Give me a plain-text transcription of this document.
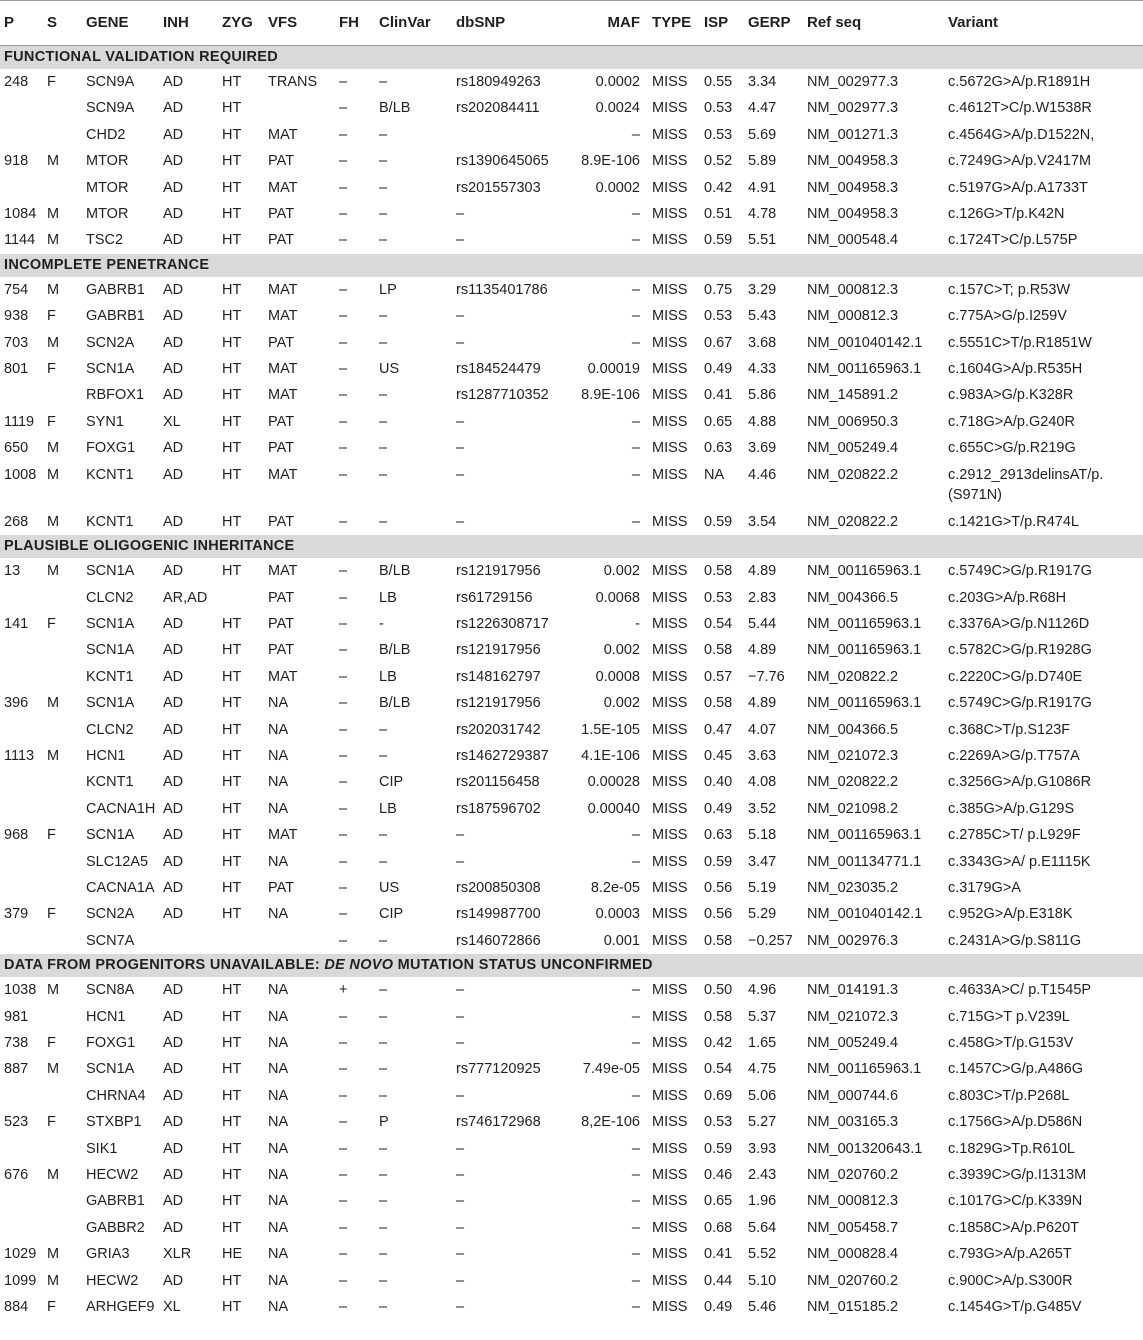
P	S	GENE	INH	ZYG	VFS	FH	ClinVar	dbSNP	MAF	TYPE	ISP	GERP	Ref seq	Variant
FUNCTIONAL VALIDATION REQUIRED														
248	F	SCN9A	AD	HT	TRANS	–	–	rs180949263	0.0002	MISS	0.55	3.34	NM_002977.3	c.5672G>A/p.R1891H
		SCN9A	AD	HT		–	B/LB	rs202084411	0.0024	MISS	0.53	4.47	NM_002977.3	c.4612T>C/p.W1538R
		CHD2	AD	HT	MAT	–	–		–	MISS	0.53	5.69	NM_001271.3	c.4564G>A/p.D1522N,
918	M	MTOR	AD	HT	PAT	–	–	rs1390645065	8.9E-106	MISS	0.52	5.89	NM_004958.3	c.7249G>A/p.V2417M
		MTOR	AD	HT	MAT	–	–	rs201557303	0.0002	MISS	0.42	4.91	NM_004958.3	c.5197G>A/p.A1733T
1084	M	MTOR	AD	HT	PAT	–	–	–	–	MISS	0.51	4.78	NM_004958.3	c.126G>T/p.K42N
1144	M	TSC2	AD	HT	PAT	–	–	–	–	MISS	0.59	5.51	NM_000548.4	c.1724T>C/p.L575P
INCOMPLETE PENETRANCE														
754	M	GABRB1	AD	HT	MAT	–	LP	rs1135401786	–	MISS	0.75	3.29	NM_000812.3	c.157C>T; p.R53W
938	F	GABRB1	AD	HT	MAT	–	–	–	–	MISS	0.53	5.43	NM_000812.3	c.775A>G/p.I259V
703	M	SCN2A	AD	HT	PAT	–	–	–	–	MISS	0.67	3.68	NM_001040142.1	c.5551C>T/p.R1851W
801	F	SCN1A	AD	HT	MAT	–	US	rs184524479	0.00019	MISS	0.49	4.33	NM_001165963.1	c.1604G>A/p.R535H
		RBFOX1	AD	HT	MAT	–	–	rs1287710352	8.9E-106	MISS	0.41	5.86	NM_145891.2	c.983A>G/p.K328R
1119	F	SYN1	XL	HT	PAT	–	–	–	–	MISS	0.65	4.88	NM_006950.3	c.718G>A/p.G240R
650	M	FOXG1	AD	HT	PAT	–	–	–	–	MISS	0.63	3.69	NM_005249.4	c.655C>G/p.R219G
1008	M	KCNT1	AD	HT	MAT	–	–	–	–	MISS	NA	4.46	NM_020822.2	c.2912_2913delinsAT/p. (S971N)
268	M	KCNT1	AD	HT	PAT	–	–	–	–	MISS	0.59	3.54	NM_020822.2	c.1421G>T/p.R474L
PLAUSIBLE OLIGOGENIC INHERITANCE														
13	M	SCN1A	AD	HT	MAT	–	B/LB	rs121917956	0.002	MISS	0.58	4.89	NM_001165963.1	c.5749C>G/p.R1917G
		CLCN2	AR,AD		PAT	–	LB	rs61729156	0.0068	MISS	0.53	2.83	NM_004366.5	c.203G>A/p.R68H
141	F	SCN1A	AD	HT	PAT	–	-	rs1226308717	-	MISS	0.54	5.44	NM_001165963.1	c.3376A>G/p.N1126D
		SCN1A	AD	HT	PAT	–	B/LB	rs121917956	0.002	MISS	0.58	4.89	NM_001165963.1	c.5782C>G/p.R1928G
		KCNT1	AD	HT	MAT	–	LB	rs148162797	0.0008	MISS	0.57	−7.76	NM_020822.2	c.2220C>G/p.D740E
396	M	SCN1A	AD	HT	NA	–	B/LB	rs121917956	0.002	MISS	0.58	4.89	NM_001165963.1	c.5749C>G/p.R1917G
		CLCN2	AD	HT	NA	–	–	rs202031742	1.5E-105	MISS	0.47	4.07	NM_004366.5	c.368C>T/p.S123F
1113	M	HCN1	AD	HT	NA	–	–	rs1462729387	4.1E-106	MISS	0.45	3.63	NM_021072.3	c.2269A>G/p.T757A
		KCNT1	AD	HT	NA	–	CIP	rs201156458	0.00028	MISS	0.40	4.08	NM_020822.2	c.3256G>A/p.G1086R
		CACNA1H	AD	HT	NA	–	LB	rs187596702	0.00040	MISS	0.49	3.52	NM_021098.2	c.385G>A/p.G129S
968	F	SCN1A	AD	HT	MAT	–	–	–	–	MISS	0.63	5.18	NM_001165963.1	c.2785C>T/ p.L929F
		SLC12A5	AD	HT	NA	–	–	–	–	MISS	0.59	3.47	NM_001134771.1	c.3343G>A/ p.E1115K
		CACNA1A	AD	HT	PAT	–	US	rs200850308	8.2e-05	MISS	0.56	5.19	NM_023035.2	c.3179G>A
379	F	SCN2A	AD	HT	NA	–	CIP	rs149987700	0.0003	MISS	0.56	5.29	NM_001040142.1	c.952G>A/p.E318K
		SCN7A				–	–	rs146072866	0.001	MISS	0.58	−0.257	NM_002976.3	c.2431A>G/p.S811G
DATA FROM PROGENITORS UNAVAILABLE: DE NOVO MUTATION STATUS UNCONFIRMED														
1038	M	SCN8A	AD	HT	NA	+	–	–	–	MISS	0.50	4.96	NM_014191.3	c.4633A>C/ p.T1545P
981		HCN1	AD	HT	NA	–	–	–	–	MISS	0.58	5.37	NM_021072.3	c.715G>T p.V239L
738	F	FOXG1	AD	HT	NA	–	–	–	–	MISS	0.42	1.65	NM_005249.4	c.458G>T/p.G153V
887	M	SCN1A	AD	HT	NA	–	–	rs777120925	7.49e-05	MISS	0.54	4.75	NM_001165963.1	c.1457C>G/p.A486G
		CHRNA4	AD	HT	NA	–	–	–	–	MISS	0.69	5.06	NM_000744.6	c.803C>T/p.P268L
523	F	STXBP1	AD	HT	NA	–	P	rs746172968	8,2E-106	MISS	0.53	5.27	NM_003165.3	c.1756G>A/p.D586N
		SIK1	AD	HT	NA	–	–	–	–	MISS	0.59	3.93	NM_001320643.1	c.1829G>Tp.R610L
676	M	HECW2	AD	HT	NA	–	–	–	–	MISS	0.46	2.43	NM_020760.2	c.3939C>G/p.I1313M
		GABRB1	AD	HT	NA	–	–	–	–	MISS	0.65	1.96	NM_000812.3	c.1017G>C/p.K339N
		GABBR2	AD	HT	NA	–	–	–	–	MISS	0.68	5.64	NM_005458.7	c.1858C>A/p.P620T
1029	M	GRIA3	XLR	HE	NA	–	–	–	–	MISS	0.41	5.52	NM_000828.4	c.793G>A/p.A265T
1099	M	HECW2	AD	HT	NA	–	–	–	–	MISS	0.44	5.10	NM_020760.2	c.900C>A/p.S300R
884	F	ARHGEF9	XL	HT	NA	–	–	–	–	MISS	0.49	5.46	NM_015185.2	c.1454G>T/p.G485V
